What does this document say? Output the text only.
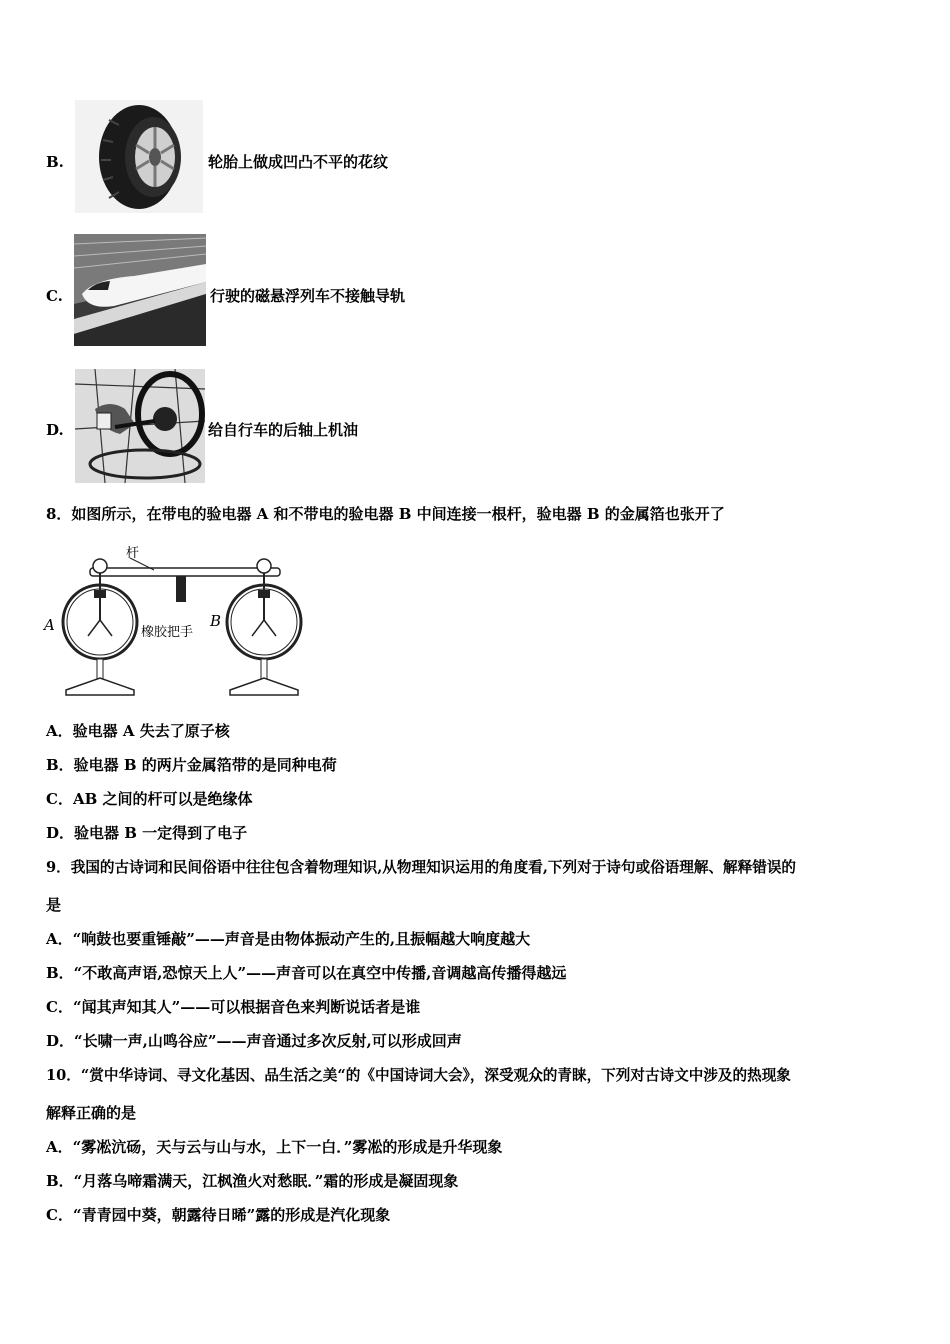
B.	轮胎上做成凹凸不平的花纹
C.	行驶的磁悬浮列车不接触导轨
D.	给自行车的后轴上机油
8．如图所示，在带电的验电器 A 和不带电的验电器 B 中间连接一根杆，验电器 B 的金属箔也张开了
杆
橡胶把手
A	B
A．验电器 A 失去了原子核
B．验电器 B 的两片金属箔带的是同种电荷
C．AB 之间的杆可以是绝缘体
D．验电器 B 一定得到了电子
9．我国的古诗词和民间俗语中往往包含着物理知识,从物理知识运用的角度看,下列对于诗句或俗语理解、解释错误的
是
A．“响鼓也要重锤敲”——声音是由物体振动产生的,且振幅越大响度越大
B．“不敢高声语,恐惊天上人”——声音可以在真空中传播,音调越高传播得越远
C．“闻其声知其人”——可以根据音色来判断说话者是谁
D．“长啸一声,山鸣谷应”——声音通过多次反射,可以形成回声
10．“赏中华诗词、寻文化基因、品生活之美“的《中国诗词大会》，深受观众的青睐，下列对古诗文中涉及的热现象
解释正确的是
A．“雾凇沆砀，天与云与山与水，上下一白．”雾凇的形成是升华现象
B．“月落乌啼霜满天，江枫渔火对愁眠．”霜的形成是凝固现象
C．“青青园中葵，朝露待日晞”露的形成是汽化现象
